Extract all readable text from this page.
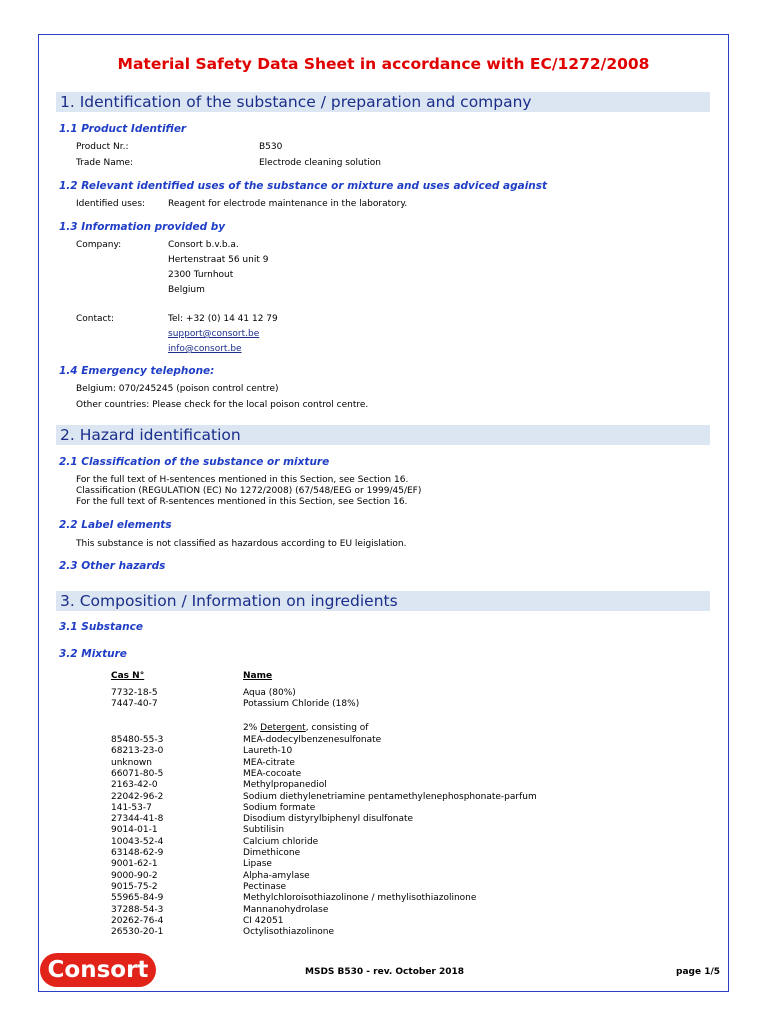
Material Safety Data Sheet in accordance with EC/1272/2008
1. Identification of the substance / preparation and company
1.1 Product Identifier
Product Nr.:	B530
Trade Name:	Electrode cleaning solution
1.2 Relevant identified uses of the substance or mixture and uses adviced against
Identified uses:	Reagent for electrode maintenance in the laboratory.
1.3 Information provided by
Company:	Consort b.v.b.a.
Hertenstraat 56 unit 9
2300 Turnhout
Belgium
Contact:	Tel: +32 (0) 14 41 12 79
support@consort.be
info@consort.be
1.4 Emergency telephone:
Belgium: 070/245245 (poison control centre)
Other countries: Please check for the local poison control centre.
2. Hazard identification
2.1 Classification of the substance or mixture
For the full text of H-sentences mentioned in this Section, see Section 16.
Classification (REGULATION (EC) No 1272/2008) (67/548/EEG or 1999/45/EF)
For the full text of R-sentences mentioned in this Section, see Section 16.
2.2 Label elements
This substance is not classified as hazardous according to EU leigislation.
2.3 Other hazards
3. Composition / Information on ingredients
3.1 Substance
3.2 Mixture
Cas N°	Name
7732-18-5	Aqua (80%)
7447-40-7	Potassium Chloride (18%)
2% Detergent, consisting of
85480-55-3	MEA-dodecylbenzenesulfonate
68213-23-0	Laureth-10
unknown	MEA-citrate
66071-80-5	MEA-cocoate
2163-42-0	Methylpropanediol
22042-96-2	Sodium diethylenetriamine pentamethylenephosphonate-parfum
141-53-7	Sodium formate
27344-41-8	Disodium distyrylbiphenyl disulfonate
9014-01-1	Subtilisin
10043-52-4	Calcium chloride
63148-62-9	Dimethicone
9001-62-1	Lipase
9000-90-2	Alpha-amylase
9015-75-2	Pectinase
55965-84-9	Methylchloroisothiazolinone / methylisothiazolinone
37288-54-3	Mannanohydrolase
20262-76-4	CI 42051
26530-20-1	Octylisothiazolinone
Consort	MSDS B530 - rev. October 2018	page 1/5
